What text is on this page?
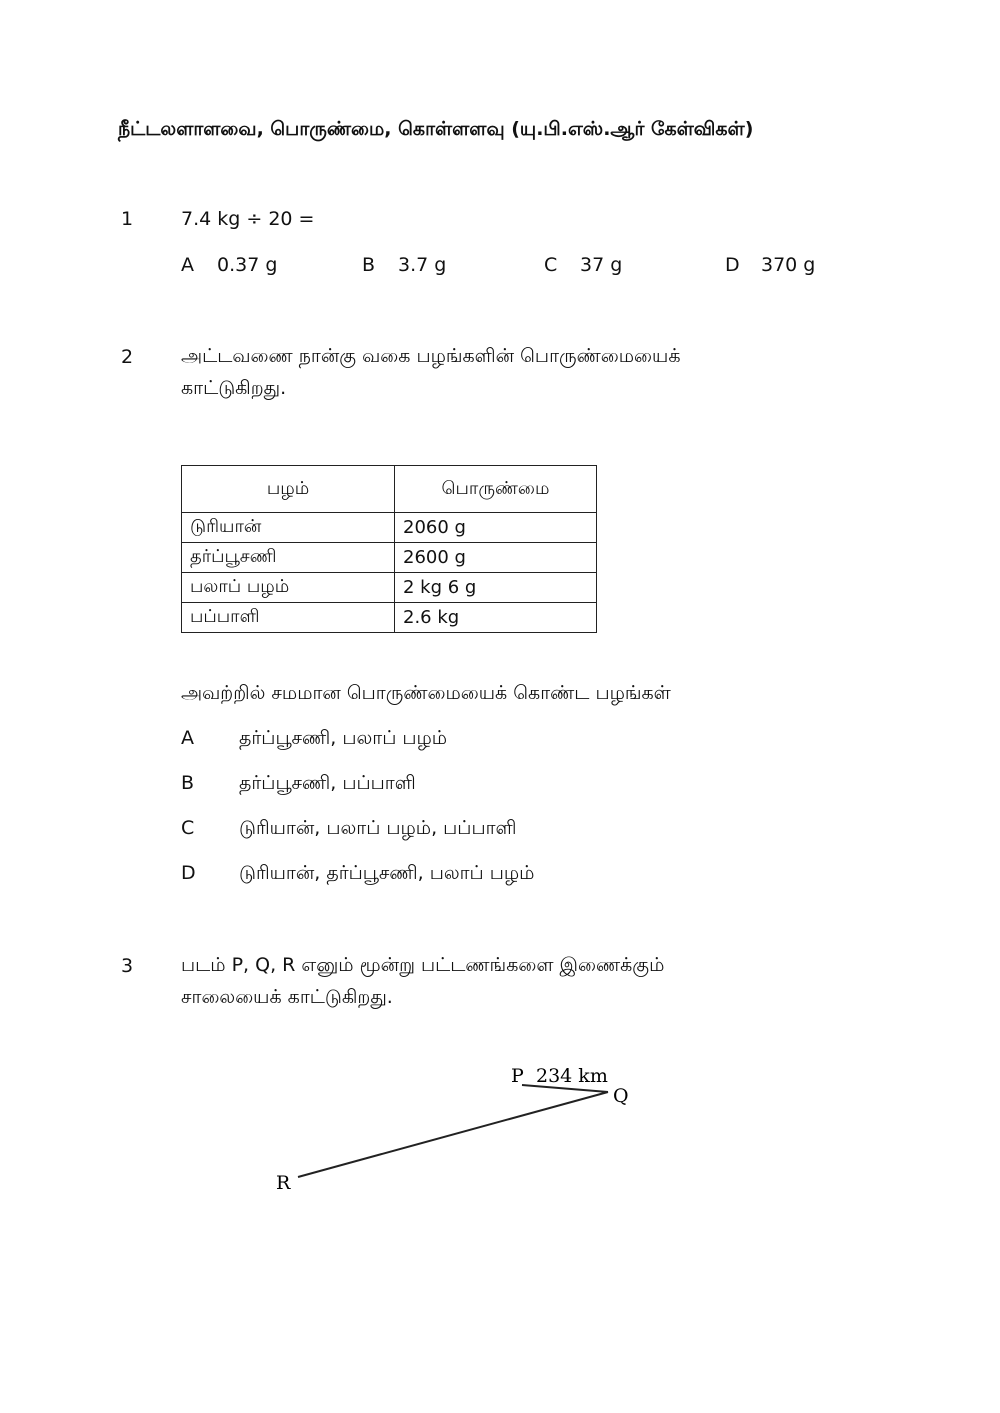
நீட்டலளாளவை, பொருண்மை, கொள்ளளவு (யு.பி.எஸ்.ஆர் கேள்விகள்)
1	7.4 kg ÷ 20 =
A 0.37 g	B 3.7 g	C 37 g	D 370 g
2	அட்டவணை நான்கு வகை பழங்களின் பொருண்மையைக்
காட்டுகிறது.
பழம்	பொருண்மை
டுரியான்	2060 g
தர்ப்பூசணி	2600 g
பலாப் பழம்	2 kg 6 g
பப்பாளி	2.6 kg
அவற்றில் சமமான பொருண்மையைக் கொண்ட பழங்கள்
A தர்ப்பூசணி, பலாப் பழம்
B தர்ப்பூசணி, பப்பாளி
C டுரியான், பலாப் பழம், பப்பாளி
D டுரியான், தர்ப்பூசணி, பலாப் பழம்
3	படம் P, Q, R எனும் மூன்று பட்டணங்களை இணைக்கும்
சாலையைக் காட்டுகிறது.
P 234 km
Q
R
